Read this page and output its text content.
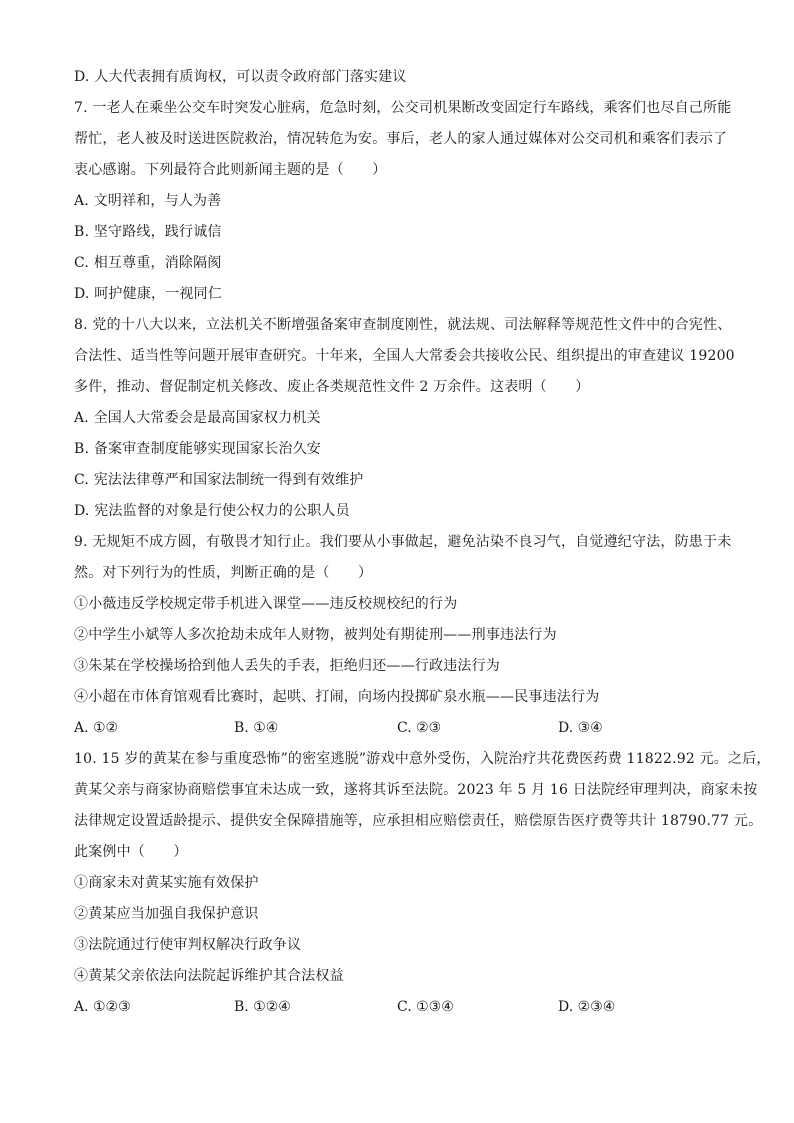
D. 人大代表拥有质询权，可以责令政府部门落实建议
7. 一老人在乘坐公交车时突发心脏病，危急时刻，公交司机果断改变固定行车路线，乘客们也尽自己所能
帮忙，老人被及时送进医院救治，情况转危为安。事后，老人的家人通过媒体对公交司机和乘客们表示了
衷心感谢。下列最符合此则新闻主题的是（　　）
A. 文明祥和，与人为善
B. 坚守路线，践行诚信
C. 相互尊重，消除隔阂
D. 呵护健康，一视同仁
8. 党的十八大以来，立法机关不断增强备案审查制度刚性，就法规、司法解释等规范性文件中的合宪性、
合法性、适当性等问题开展审查研究。十年来，全国人大常委会共接收公民、组织提出的审查建议 19200
多件，推动、督促制定机关修改、废止各类规范性文件 2 万余件。这表明（　　）
A. 全国人大常委会是最高国家权力机关
B. 备案审查制度能够实现国家长治久安
C. 宪法法律尊严和国家法制统一得到有效维护
D. 宪法监督的对象是行使公权力的公职人员
9. 无规矩不成方圆，有敬畏才知行止。我们要从小事做起，避免沾染不良习气，自觉遵纪守法，防患于未
然。对下列行为的性质，判断正确的是（　　）
①小薇违反学校规定带手机进入课堂——违反校规校纪的行为
②中学生小斌等人多次抢劫未成年人财物，被判处有期徒刑——刑事违法行为
③朱某在学校操场拾到他人丢失的手表，拒绝归还——行政违法行为
④小超在市体育馆观看比赛时，起哄、打闹，向场内投掷矿泉水瓶——民事违法行为
A. ①②	B. ①④	C. ②③	D. ③④
10. 15 岁的黄某在参与重度恐怖”的密室逃脱”游戏中意外受伤，入院治疗共花费医药费 11822.92 元。之后，
黄某父亲与商家协商赔偿事宜未达成一致，遂将其诉至法院。2023 年 5 月 16 日法院经审理判决，商家未按
法律规定设置适龄提示、提供安全保障措施等，应承担相应赔偿责任，赔偿原告医疗费等共计 18790.77 元。
此案例中（　　）
①商家未对黄某实施有效保护
②黄某应当加强自我保护意识
③法院通过行使审判权解决行政争议
④黄某父亲依法向法院起诉维护其合法权益
A. ①②③	B. ①②④	C. ①③④	D. ②③④
